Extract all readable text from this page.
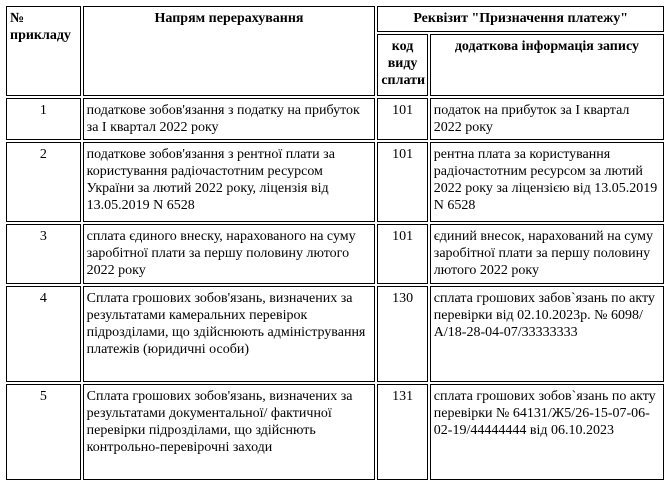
№ прикладу	Напрям перерахування	Реквізит "Призначення платежу"	
		код виду сплати	додаткова інформація запису
1	податкове зобов'язання з податку на прибуток за I квартал 2022 року	101	податок на прибуток за I квартал 2022 року
2	податкове зобов'язання з рентної плати за користування радіочастотним ресурсом України за лютий 2022 року, ліцензія від 13.05.2019 N 6528	101	рентна плата за користування радіочастотним ресурсом за лютий 2022 року за ліцензією від 13.05.2019 N 6528
3	сплата єдиного внеску, нарахованого на суму заробітної плати за першу половину лютого 2022 року	101	єдиний внесок, нарахований на суму заробітної плати за першу половину лютого 2022 року
4	Сплата грошових зобов'язань, визначених за результатами камеральних перевірок підрозділами, що здійснюють адміністрування платежів (юридичні особи)	130	сплата грошових забов`язань по акту перевірки від 02.10.2023р. № 6098/А/18-28-04-07/33333333
5	Сплата грошових зобов'язань, визначених за результатами документальної/ фактичної перевірки підрозділами, що здійснють контрольно-перевірочні заходи	131	сплата грошових зобов`язань по акту перевірки № 64131/Ж5/26-15-07-06-02-19/44444444 від 06.10.2023
